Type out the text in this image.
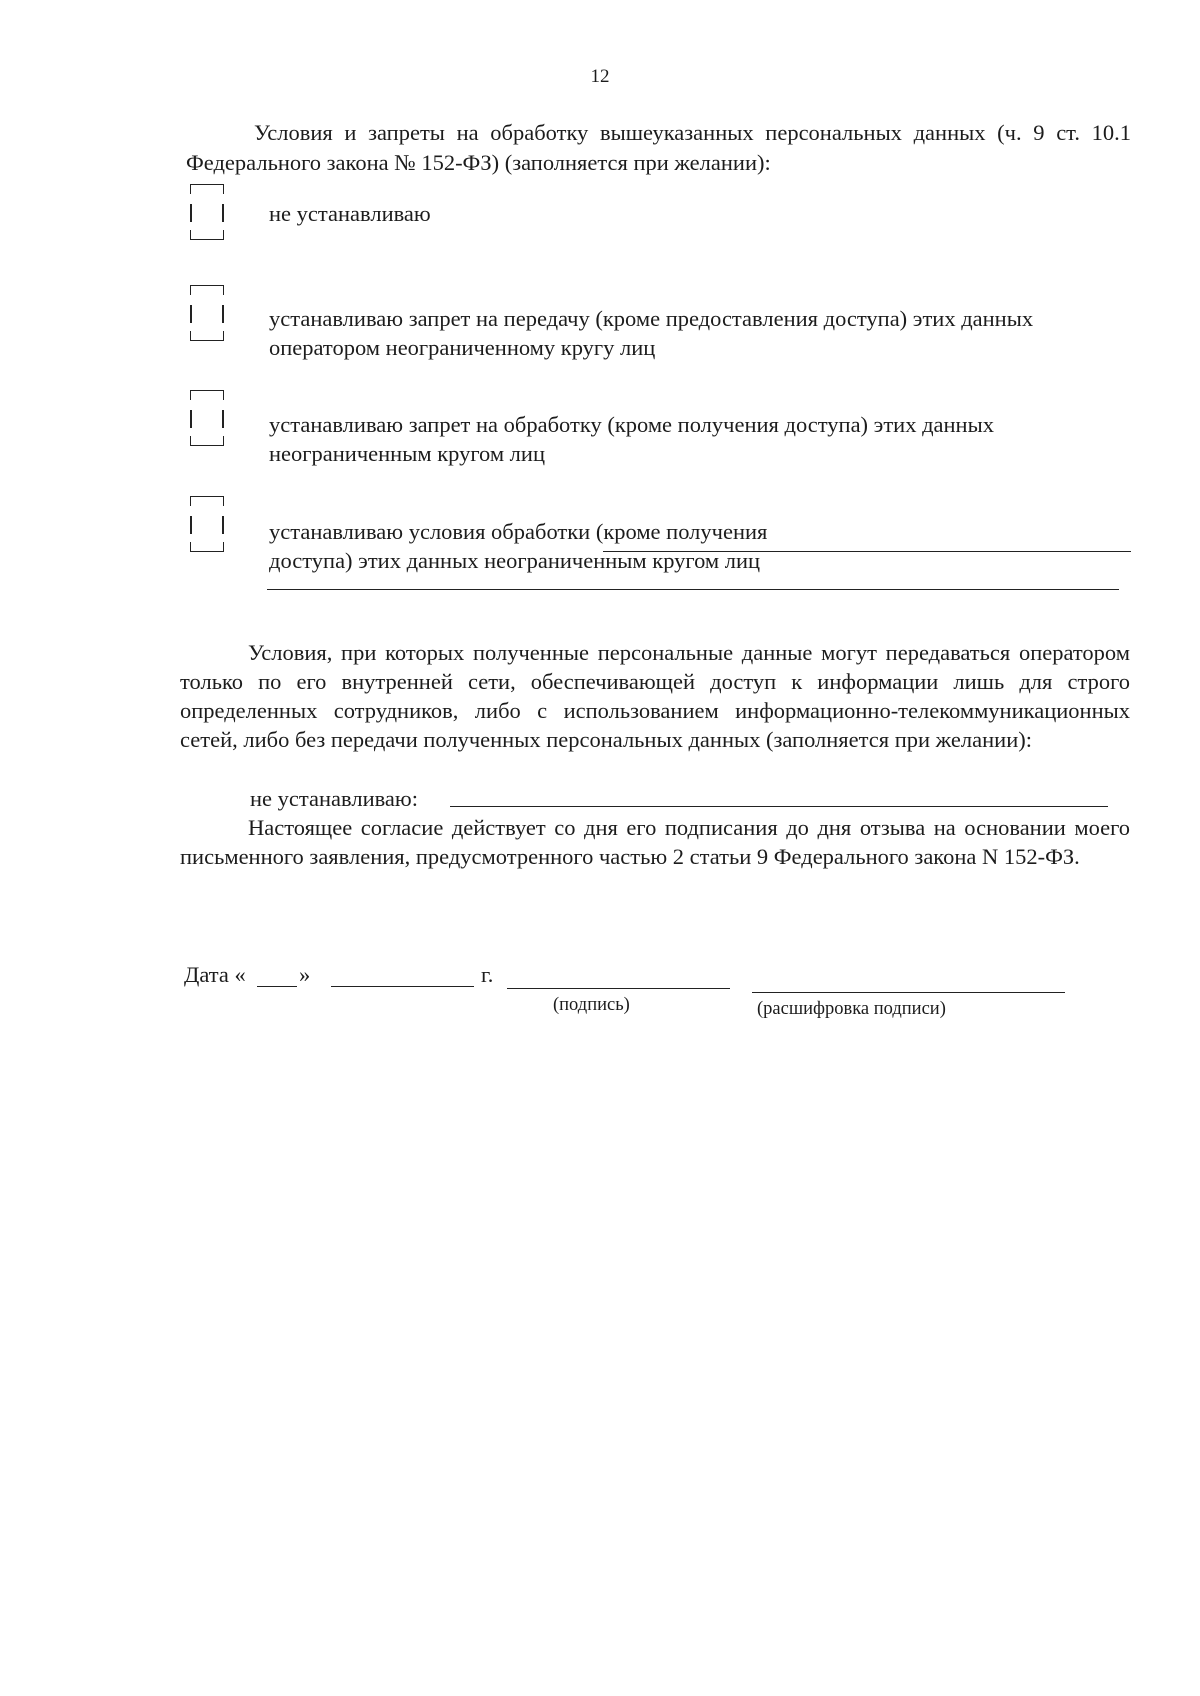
12

Условия и запреты на обработку вышеуказанных персональных данных (ч. 9 ст. 10.1 Федерального закона № 152-ФЗ) (заполняется при желании):

не устанавливаю

устанавливаю запрет на передачу (кроме предоставления доступа) этих данных оператором неограниченному кругу лиц

устанавливаю запрет на обработку (кроме получения доступа) этих данных неограниченным кругом лиц

устанавливаю условия обработки (кроме получения доступа) этих данных неограниченным кругом лиц

Условия, при которых полученные персональные данные могут передаваться оператором только по его внутренней сети, обеспечивающей доступ к информации лишь для строго определенных сотрудников, либо с использованием информационно-телекоммуникационных сетей, либо без передачи полученных персональных данных (заполняется при желании):

не устанавливаю:

Настоящее согласие действует со дня его подписания до дня отзыва на основании моего письменного заявления, предусмотренного частью 2 статьи 9 Федерального закона N 152-ФЗ.

Дата « »	г.
(подпись)	(расшифровка подписи)
